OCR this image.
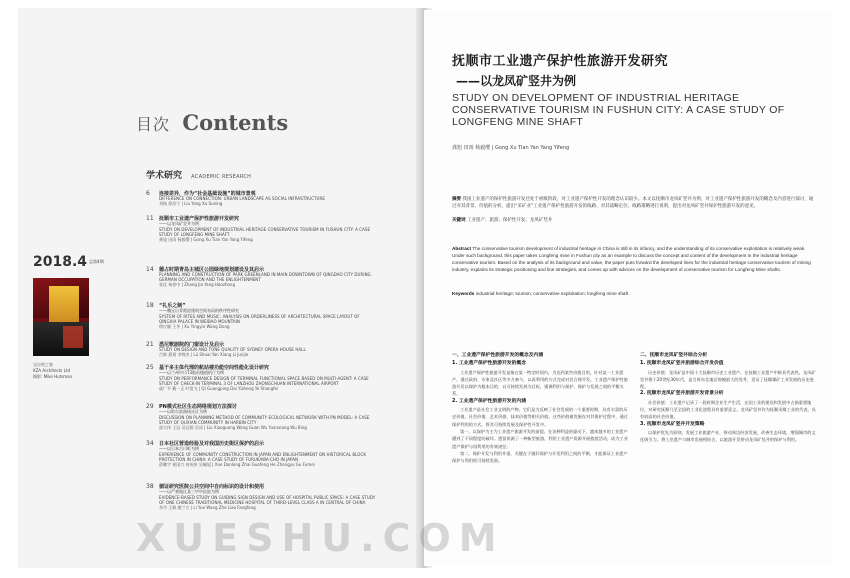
目次 Contents
学术研究 ACADEMIC RESEARCH
2018.4 总第4期
宝应的之家
KZA Architects Ltd
摄影: Mike Hutsman
6 连接差异，作为“社会基础设施”的城市景观
DIFFERENCE ON CONNECTION: URBAN LANDSCAPE AS SOCIAL INFRASTRUCTURE
刘杨 徐苏宁 | Liu Yang Xu Suning
11 抚顺市工业遗产保护性旅游开发研究
——以龙凤矿竖井为例
STUDY ON DEVELOPMENT OF INDUSTRIAL HERITAGE CONSERVATIVE TOURISM IN FUSHUN CITY: A CASE
STUDY OF LONGFENG MINE SHAFT
龚旭 田雨 杨毅缨 | Gong Xu Tian Yan Yang Yifeng
14 德占时期青岛主城区公园绿地规划建设及其启示
PLANNING AND CONSTRUCTION OF PARK GREENLAND IN MAIN DOWNTOWN OF QINGDAO CITY DURING
GERMAN OCCUPATION AND THE ENLIGHTENMENT
张佳 杨豪中 | Zhang Jia Yang Haozhong
18 “礼乐之制”
——魏宝山青霞道建筑空间布局的秩序性研究
SYSTEM OF RITES AND MUSIC: ANALYSIS ON ORDERLINESS OF ARCHITECTURAL SPACE LAYOUT OF
QINGXIA PALACE IN WEIBAO MOUNTAIN
徐应颖 王冬 | Xu Yingyin Wang Dong
21 悉尼歌剧院的门窗设计及启示
STUDY ON DESIGN AND TONE QUALITY OF SYDNEY OPERA HOUSE HALL
吕帅 燕翔 李锦杰 | Lü Shuai Yan Xiang Li Junjie
25 基于多主体代理的航站楼功能空间性能化设计研究
——以兰州中川T3航站楼值机厅为例
STUDY ON PERFORMANCE DESIGN OF TERMINAL FUNCTIONAL SPACE BASED ON MULTI-AGENT: A CASE
STUDY OF CHECK-IN TERMINAL 3 OF LANZHOU ZHONGCHUAN INTERNATIONAL AIRPORT
戚广平 戴一正 叶宽飞 | Qi Guangping Dai Yizheng Ye Shangfei
29 PN模式社区生态网络规划方法探讨
——以哈尔滨曲线社区为例
DISCUSSION ON PLANNING METHOD OF COMMUNITY ECOLOGICAL NETWORK WITH PN MODEL: A CASE
STUDY OF QUXIAN COMMUNITY IN HARBIN CITY
邵大伟 王冠 吴远翔 吴冰 | Liu Xiaoguang Wang Guan Wu Yuanxiang Wu Bing
34 日本社区营造经验及对我国历史街区保护的启示
——以日本古川町为例
EXPERIENCE OF COMMUNITY CONSTRUCTION IN JAPAN AND ENLIGHTENMENT ON HISTORICAL BLOCK
PROTECTION IN CHINA: A CASE STUDY OF FURUKAWA-CHO IN JAPAN
薛鹏宇 崔国力 何成伟 吴嵋旭 | Xue Danlong Zhai Guofeng He Zhongyu Gu Fumei
38 循证研究医院公共空间中自向标识的设计和使用
——以严寒地区某三甲中医院为例
EVIDENCE-BASED STUDY ON GUIDING SIGN DESIGN AND USE OF HOSPITAL PUBLIC SPACE: A CASE STUDY
OF ONE CHINESE TRADITIONAL MEDICINE HOSPITAL OF THIRD-LEVEL CLASS A IN CENTRAL OF CHINA
李丹 王敏 廖兰方 | Li Yue Wang Zhe Liao Fangfang
抚顺市工业遗产保护性旅游开发研究
——以龙凤矿竖井为例
STUDY ON DEVELOPMENT OF INDUSTRIAL HERITAGE
CONSERVATIVE TOURISM IN FUSHUN CITY: A CASE STUDY OF
LONGFENG MINE SHAFT
龚旭 田雨 杨毅缨 | Gong Xu Tian Yan Yang Yifeng
摘要 我国工业遗产的保护性旅游开发还处于初级阶段，对工业遗产保护性开发的理念认识较少。本文以抚顺市龙凤矿竖井为例，对工业遗产保护性旅游开发的概念及内容进行探讨，通过对其背景、价值的分析，提出“采矿业”工业遗产保护性旅游开发的线路、对其战略定位、线路策略进行说明，提出对龙凤矿竖井保护性旅游开发的意见。
关键词 工业遗产；旅游；保护性开发；龙凤矿竖井
Abstract The conservative tourism development of industrial heritage in China is still in its infancy, and the understanding of its conservative exploitation is relatively weak. Under such background, this paper takes Longfeng mine in Fushun city as an example to discuss the concept and content of the development in the industrial heritage conservative tourism. Based on the analysis of its background and value, the paper puts forward the developed lines for the industrial heritage conservative tourism of mining industry, explains its strategic positioning and line strategies, and comes up with advices on the development of conservative tourism for Longfeng Mine shafts.
Keywords industrial heritage; tourism; conservative exploitation; longfeng mine shaft
一、工业遗产保护性旅游开发的概念及内涵
1. 工业遗产保护性旅游开发的概念

工业遗产保护性旅游开发是指在某一特定时间内，为达到某些价值目的，针对某一工业遗产，通过政府、专家及社区等多方参与，以再利用的方式完成对其合理开发。工业遗产保护性旅游开发以保护为根本目的，以可持续发展为目标，强调利用与保护、保护与发展之间的平衡关系。

2. 工业遗产保护性旅游开发的内涵

工业遗产是社会工业文明的产物，它们是为反映了社会发展的一个重要时期，具有丰富的历史价值、社会价值、艺术价值、技术价值等相关价值。这些价值被发掘在对其保护过程中，通过保护利用的方式，将其可持续发展及保护性开发中。

第一，以保护为主为工业遗产旅游开发的前提。在各种利益的驱动下，越来越多的工业遗产遭到了不同程度的破坏。遗留资源了一种新型旅游，利用工业遗产资源开展旅游活动，成为工业遗产保护与再利用的有效途径。

第二，保护开发与利用并重。关键在于做好保护与开发利用之间的平衡，才能保证工业遗产保护与利用的可持续发展。

二、抚顺市龙凤矿竖井综合分析
1. 抚顺市龙凤矿竖井旅游综合开发价值

历史价值：龙凤矿是中国十大抚顺市历史工业遗产，在抚顺工业遗产中极具代表性。龙凤矿竖井建于20世纪30年代，是当时东北地区规模最大的竖井，见证了抚顺煤矿工业发展的历史进程。

2. 抚顺市龙凤矿竖井旅游开发背景分析

社会价值：工业遗产记录了一段时期企业生产生活，在国工业的建设和发展中占据重要地位，对研究抚顺乃至全国的工业化进程具有重要意义。龙凤矿竖井作为抚顺采煤工业的代表，具有较高的社会价值。

3. 抚顺市龙凤矿竖井开发策略

以保护优先为原则，发展工业旅游产业，带动周边经济发展，改善生态环境，增强城市的文化吸引力。将工业遗产与城市发展相结合，以旅游开发带动龙凤矿竖井的保护与利用。

XUESHU.COM
